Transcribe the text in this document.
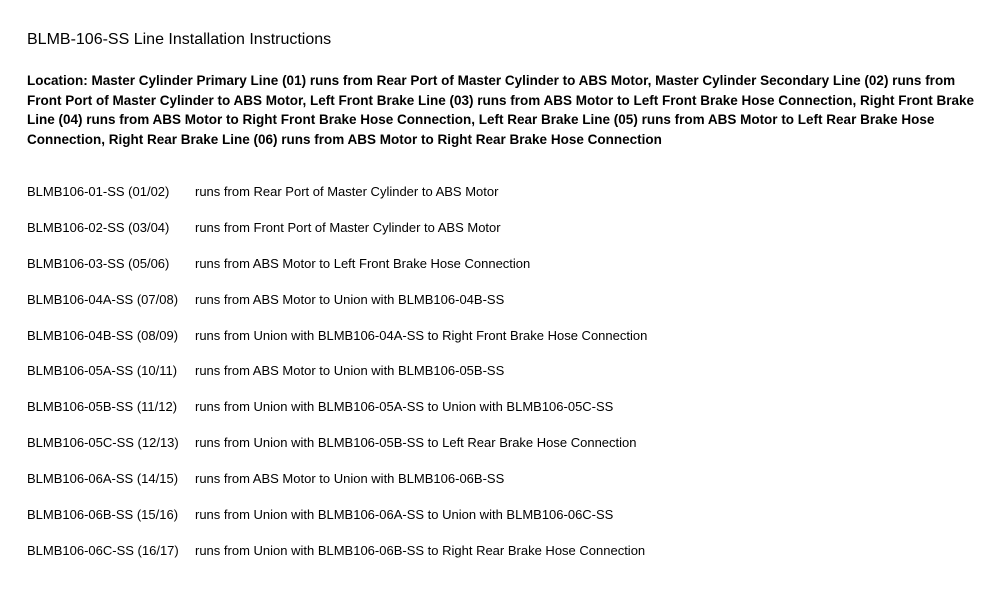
BLMB-106-SS Line Installation Instructions

Location: Master Cylinder Primary Line (01) runs from Rear Port of Master Cylinder to ABS Motor, Master Cylinder Secondary Line (02) runs from Front Port of Master Cylinder to ABS Motor, Left Front Brake Line (03) runs from ABS Motor to Left Front Brake Hose Connection, Right Front Brake Line (04) runs from ABS Motor to Right Front Brake Hose Connection, Left Rear Brake Line (05) runs from ABS Motor to Left Rear Brake Hose Connection, Right Rear Brake Line (06) runs from ABS Motor to Right Rear Brake Hose Connection

BLMB106-01-SS (01/02)	runs from Rear Port of Master Cylinder to ABS Motor
BLMB106-02-SS (03/04)	runs from Front Port of Master Cylinder to ABS Motor
BLMB106-03-SS (05/06)	runs from ABS Motor to Left Front Brake Hose Connection
BLMB106-04A-SS (07/08)	runs from ABS Motor to Union with BLMB106-04B-SS
BLMB106-04B-SS (08/09)	runs from Union with BLMB106-04A-SS to Right Front Brake Hose Connection
BLMB106-05A-SS (10/11)	runs from ABS Motor to Union with BLMB106-05B-SS
BLMB106-05B-SS (11/12)	runs from Union with BLMB106-05A-SS to Union with BLMB106-05C-SS
BLMB106-05C-SS (12/13)	runs from Union with BLMB106-05B-SS to Left Rear Brake Hose Connection
BLMB106-06A-SS (14/15)	runs from ABS Motor to Union with BLMB106-06B-SS
BLMB106-06B-SS (15/16)	runs from Union with BLMB106-06A-SS to Union with BLMB106-06C-SS
BLMB106-06C-SS (16/17)	runs from Union with BLMB106-06B-SS to Right Rear Brake Hose Connection
